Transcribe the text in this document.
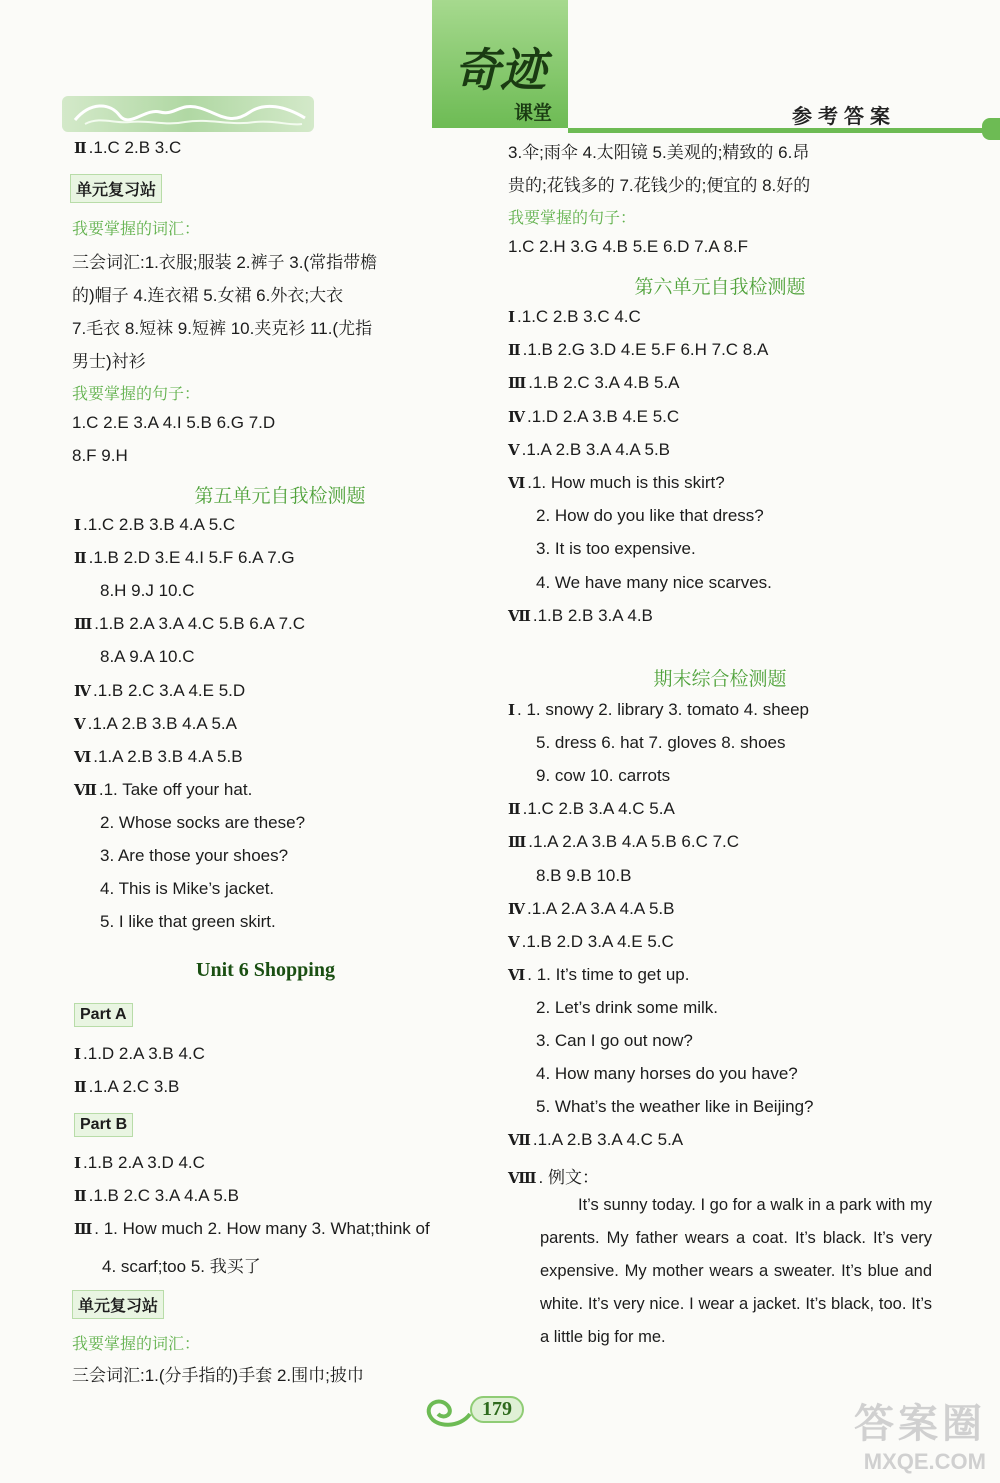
奇迹
课堂	参考答案
Ⅱ .1.C 2.B 3.C
单元复习站
我要掌握的词汇：
三会词汇:1.衣服;服装 2.裤子 3.(常指带檐
的)帽子 4.连衣裙 5.女裙 6.外衣;大衣
7.毛衣 8.短袜 9.短裤 10.夹克衫 11.(尤指
男士)衬衫
我要掌握的句子：
1.C 2.E 3.A 4.I 5.B 6.G 7.D
8.F 9.H
第五单元自我检测题
Ⅰ .1.C 2.B 3.B 4.A 5.C
Ⅱ .1.B 2.D 3.E 4.I 5.F 6.A 7.G
8.H 9.J 10.C
Ⅲ .1.B 2.A 3.A 4.C 5.B 6.A 7.C
8.A 9.A 10.C
Ⅳ .1.B 2.C 3.A 4.E 5.D
Ⅴ .1.A 2.B 3.B 4.A 5.A
Ⅵ .1.A 2.B 3.B 4.A 5.B
Ⅶ .1. Take off your hat.
2. Whose socks are these?
3. Are those your shoes?
4. This is Mike’s jacket.
5. I like that green skirt.
Unit 6 Shopping
Part A
Ⅰ .1.D 2.A 3.B 4.C
Ⅱ .1.A 2.C 3.B
Part B
Ⅰ .1.B 2.A 3.D 4.C
Ⅱ .1.B 2.C 3.A 4.A 5.B
Ⅲ . 1. How much 2. How many 3. What;think of
4. scarf;too 5. 我买了
单元复习站
我要掌握的词汇：
三会词汇:1.(分手指的)手套 2.围巾;披巾
3.伞;雨伞 4.太阳镜 5.美观的;精致的 6.昂
贵的;花钱多的 7.花钱少的;便宜的 8.好的
我要掌握的句子：
1.C 2.H 3.G 4.B 5.E 6.D 7.A 8.F
第六单元自我检测题
Ⅰ .1.C 2.B 3.C 4.C
Ⅱ .1.B 2.G 3.D 4.E 5.F 6.H 7.C 8.A
Ⅲ .1.B 2.C 3.A 4.B 5.A
Ⅳ .1.D 2.A 3.B 4.E 5.C
Ⅴ .1.A 2.B 3.A 4.A 5.B
Ⅵ .1. How much is this skirt?
2. How do you like that dress?
3. It is too expensive.
4. We have many nice scarves.
Ⅶ .1.B 2.B 3.A 4.B
期末综合检测题
Ⅰ . 1. snowy 2. library 3. tomato 4. sheep
5. dress 6. hat 7. gloves 8. shoes
9. cow 10. carrots
Ⅱ .1.C 2.B 3.A 4.C 5.A
Ⅲ .1.A 2.A 3.B 4.A 5.B 6.C 7.C
8.B 9.B 10.B
Ⅳ .1.A 2.A 3.A 4.A 5.B
Ⅴ .1.B 2.D 3.A 4.E 5.C
Ⅵ . 1. It’s time to get up.
2. Let’s drink some milk.
3. Can I go out now?
4. How many horses do you have?
5. What’s the weather like in Beijing?
Ⅶ .1.A 2.B 3.A 4.C 5.A
Ⅷ . 例文：
It’s sunny today. I go for a walk in a park with my parents. My father wears a coat. It’s black. It’s very expensive. My mother wears a sweater. It’s blue and white. It’s very nice. I wear a jacket. It’s black, too. It’s a little big for me.
179	答案圈
MXQE.COM
